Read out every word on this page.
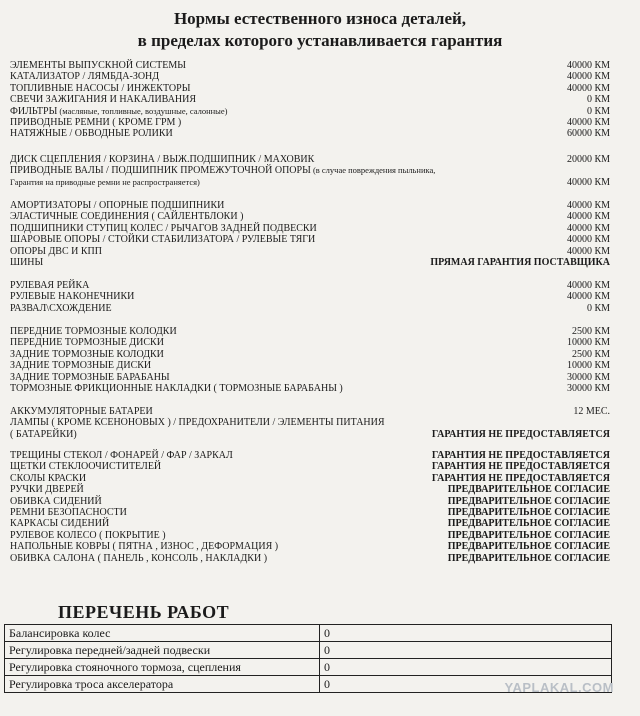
Нормы естественного износа деталей,
в пределах которого устанавливается гарантия
ЭЛЕМЕНТЫ ВЫПУСКНОЙ СИСТЕМЫ	40000 КМ
КАТАЛИЗАТОР / ЛЯМБДА-ЗОНД	40000 КМ
ТОПЛИВНЫЕ НАСОСЫ / ИНЖЕКТОРЫ	40000 КМ
СВЕЧИ ЗАЖИГАНИЯ И НАКАЛИВАНИЯ	0 КМ
ФИЛЬТРЫ (масляные, топливные, воздушные, салонные)	0 КМ
ПРИВОДНЫЕ РЕМНИ ( КРОМЕ ГРМ )	40000 КМ
НАТЯЖНЫЕ / ОБВОДНЫЕ РОЛИКИ	60000 КМ
ДИСК СЦЕПЛЕНИЯ / КОРЗИНА / ВЫЖ.ПОДШИПНИК / МАХОВИК	20000 КМ
ПРИВОДНЫЕ ВАЛЫ / ПОДШИПНИК ПРОМЕЖУТОЧНОЙ ОПОРЫ (в случае повреждения пыльника,
Гарантия на приводные ремни не распространяется)	40000 КМ
АМОРТИЗАТОРЫ / ОПОРНЫЕ ПОДШИПНИКИ	40000 КМ
ЭЛАСТИЧНЫЕ СОЕДИНЕНИЯ ( САЙЛЕНТБЛОКИ )	40000 КМ
ПОДШИПНИКИ СТУПИЦ КОЛЕС / РЫЧАГОВ ЗАДНЕЙ ПОДВЕСКИ	40000 КМ
ШАРОВЫЕ ОПОРЫ / СТОЙКИ СТАБИЛИЗАТОРА / РУЛЕВЫЕ ТЯГИ	40000 КМ
ОПОРЫ ДВС И КПП	40000 КМ
ШИНЫ	ПРЯМАЯ ГАРАНТИЯ ПОСТАВЩИКА
РУЛЕВАЯ РЕЙКА	40000 КМ
РУЛЕВЫЕ НАКОНЕЧНИКИ	40000 КМ
РАЗВАЛ\СХОЖДЕНИЕ	0 КМ
ПЕРЕДНИЕ ТОРМОЗНЫЕ КОЛОДКИ	2500 КМ
ПЕРЕДНИЕ ТОРМОЗНЫЕ ДИСКИ	10000 КМ
ЗАДНИЕ ТОРМОЗНЫЕ КОЛОДКИ	2500 КМ
ЗАДНИЕ ТОРМОЗНЫЕ ДИСКИ	10000 КМ
ЗАДНИЕ ТОРМОЗНЫЕ БАРАБАНЫ	30000 КМ
ТОРМОЗНЫЕ ФРИКЦИОННЫЕ НАКЛАДКИ ( ТОРМОЗНЫЕ БАРАБАНЫ )	30000 КМ
АККУМУЛЯТОРНЫЕ БАТАРЕИ	12 МЕС.
ЛАМПЫ ( КРОМЕ КСЕНОНОВЫХ ) / ПРЕДОХРАНИТЕЛИ / ЭЛЕМЕНТЫ ПИТАНИЯ
( БАТАРЕЙКИ)	ГАРАНТИЯ НЕ ПРЕДОСТАВЛЯЕТСЯ
ТРЕЩИНЫ СТЕКОЛ / ФОНАРЕЙ / ФАР / ЗАРКАЛ	ГАРАНТИЯ НЕ ПРЕДОСТАВЛЯЕТСЯ
ЩЕТКИ СТЕКЛООЧИСТИТЕЛЕЙ	ГАРАНТИЯ НЕ ПРЕДОСТАВЛЯЕТСЯ
СКОЛЫ КРАСКИ	ГАРАНТИЯ НЕ ПРЕДОСТАВЛЯЕТСЯ
РУЧКИ ДВЕРЕЙ	ПРЕДВАРИТЕЛЬНОЕ СОГЛАСИЕ
ОБИВКА СИДЕНИЙ	ПРЕДВАРИТЕЛЬНОЕ СОГЛАСИЕ
РЕМНИ БЕЗОПАСНОСТИ	ПРЕДВАРИТЕЛЬНОЕ СОГЛАСИЕ
КАРКАСЫ СИДЕНИЙ	ПРЕДВАРИТЕЛЬНОЕ СОГЛАСИЕ
РУЛЕВОЕ КОЛЕСО ( ПОКРЫТИЕ )	ПРЕДВАРИТЕЛЬНОЕ СОГЛАСИЕ
НАПОЛЬНЫЕ КОВРЫ ( ПЯТНА , ИЗНОС , ДЕФОРМАЦИЯ )	ПРЕДВАРИТЕЛЬНОЕ СОГЛАСИЕ
ОБИВКА САЛОНА ( ПАНЕЛЬ , КОНСОЛЬ , НАКЛАДКИ )	ПРЕДВАРИТЕЛЬНОЕ СОГЛАСИЕ
ПЕРЕЧЕНЬ РАБОТ
Балансировка колес	0
Регулировка передней/задней подвески	0
Регулировка стояночного тормоза, сцепления	0
Регулировка троса акселератора	0	YAPLAKAL.COM
